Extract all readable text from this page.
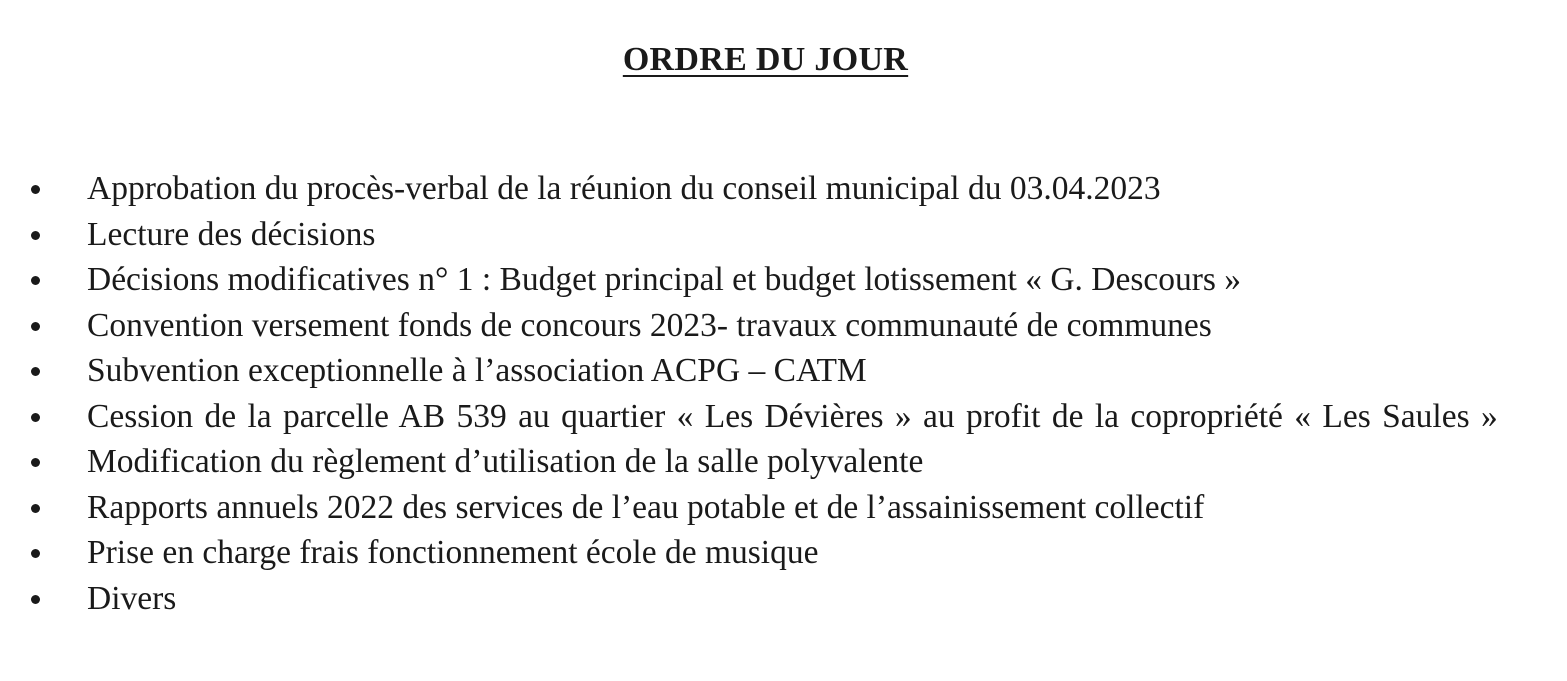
ORDRE DU JOUR
Approbation du procès-verbal de la réunion du conseil municipal du 03.04.2023
Lecture des décisions
Décisions modificatives n° 1 : Budget principal et budget lotissement « G. Descours »
Convention versement fonds de concours 2023- travaux communauté de communes
Subvention exceptionnelle à l’association ACPG – CATM
Cession de la parcelle AB 539 au quartier « Les Dévières » au profit de la copropriété « Les Saules »
Modification du règlement d’utilisation de la salle polyvalente
Rapports annuels 2022 des services de l’eau potable et de l’assainissement collectif
Prise en charge frais fonctionnement école de musique
Divers
